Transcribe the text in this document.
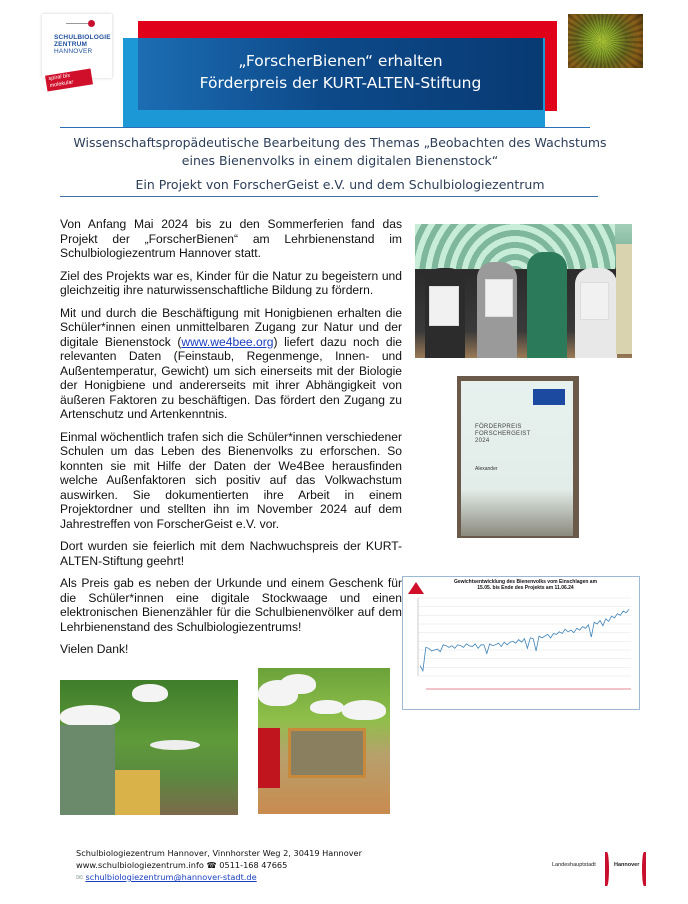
SCHULBIOLOGIE
ZENTRUM
HANNOVER
spiral bis molekular
„ForscherBienen“ erhalten
Förderpreis der KURT-ALTEN-Stiftung
Wissenschaftspropädeutische Bearbeitung des Themas „Beobachten des Wachstums
eines Bienenvolks in einem digitalen Bienenstock“
Ein Projekt von ForscherGeist e.V. und dem Schulbiologiezentrum

Von Anfang Mai 2024 bis zu den Sommerferien fand das Projekt der „ForscherBienen“ am Lehrbienenstand im Schulbiologiezentrum Hannover statt.

Ziel des Projekts war es, Kinder für die Natur zu begeistern und gleichzeitig ihre naturwissenschaftliche Bildung zu fördern.

Mit und durch die Beschäftigung mit Honigbienen erhalten die Schüler*innen einen unmittelbaren Zugang zur Natur und der digitale Bienenstock (www.we4bee.org) liefert dazu noch die relevanten Daten (Feinstaub, Regenmenge, Innen- und Außentemperatur, Gewicht) um sich einerseits mit der Biologie der Honigbiene und andererseits mit ihrer Abhängigkeit von äußeren Faktoren zu beschäftigen. Das fördert den Zugang zu Artenschutz und Artenkenntnis.

Einmal wöchentlich trafen sich die Schüler*innen verschiedener Schulen um das Leben des Bienenvolks zu erforschen. So konnten sie mit Hilfe der Daten der We4Bee herausfinden welche Außenfaktoren sich positiv auf das Volkwachstum auswirken. Sie dokumentierten ihre Arbeit in einem Projektordner und stellten ihn im November 2024 auf dem Jahrestreffen von ForscherGeist e.V. vor.

Dort wurden sie feierlich mit dem Nachwuchspreis der KURT-ALTEN-Stiftung geehrt!

Als Preis gab es neben der Urkunde und einem Geschenk für die Schüler*innen eine digitale Stockwaage und einen elektronischen Bienenzähler für die Schulbienenvölker auf dem Lehrbienenstand des Schulbiologiezentrums!

Vielen Dank!

FÖRDERPREIS
FORSCHERGEIST
2024
Alexander
Gewichtsentwicklung des Bienenvolks vom Einschlagen am 15.05. bis Ende des Projekts am 11.06.24
Schulbiologiezentrum Hannover, Vinnhorster Weg 2, 30419 Hannover
www.schulbiologiezentrum.info ☎ 0511-168 47665
✉ schulbiologiezentrum@hannover-stadt.de
Landeshauptstadt	Hannover
